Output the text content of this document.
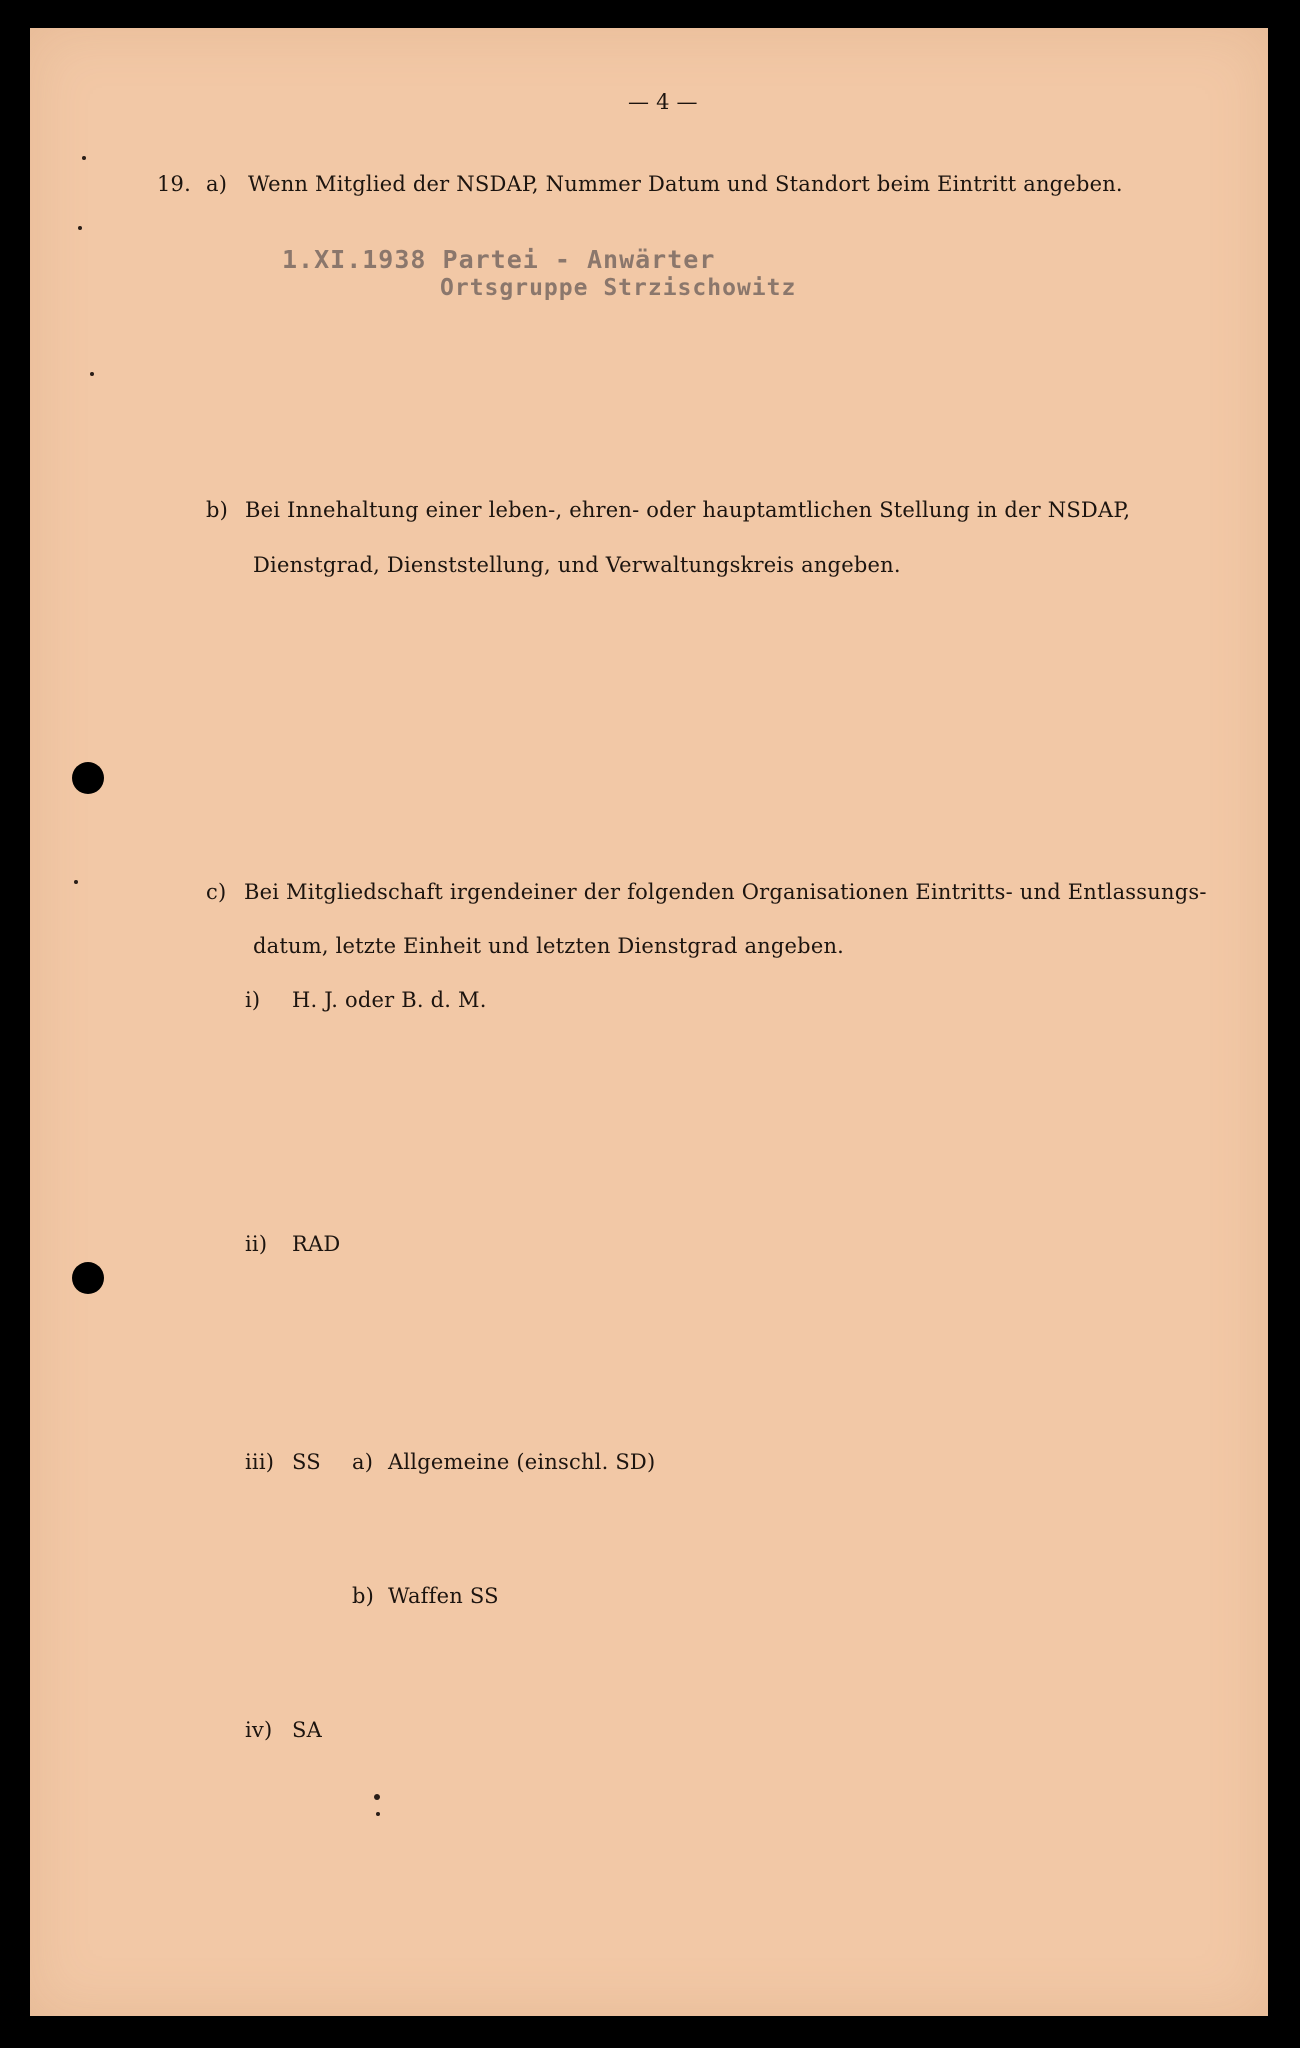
— 4 —
19. a) Wenn Mitglied der NSDAP, Nummer Datum und Standort beim Eintritt angeben.
1.XI.1938 Partei - Anwärter
Ortsgruppe Strzischowitz
b) Bei Innehaltung einer leben-, ehren- oder hauptamtlichen Stellung in der NSDAP,
Dienstgrad, Dienststellung, und Verwaltungskreis angeben.
c) Bei Mitgliedschaft irgendeiner der folgenden Organisationen Eintritts- und Entlassungs-
datum, letzte Einheit und letzten Dienstgrad angeben.
i) H. J. oder B. d. M.
ii) RAD
iii) SS a) Allgemeine (einschl. SD)
b) Waffen SS
iv) SA
